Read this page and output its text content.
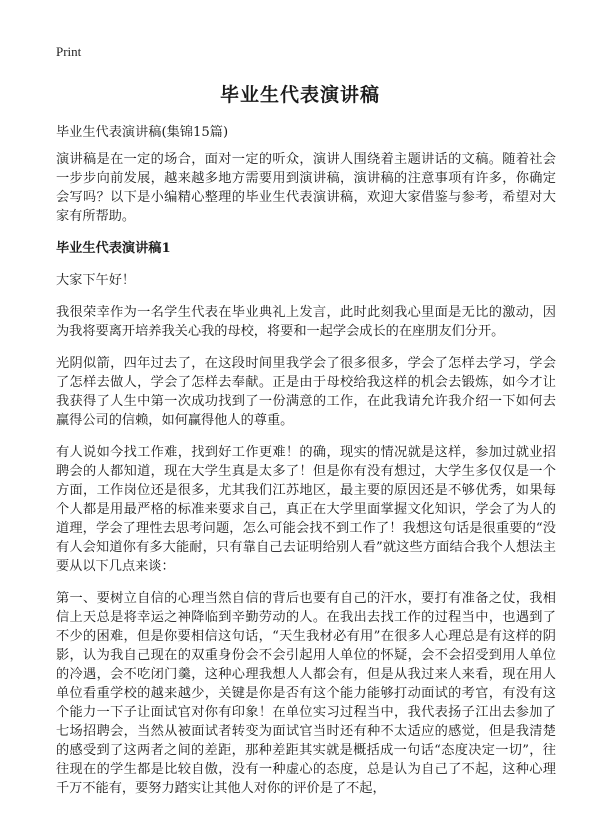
Print
毕业生代表演讲稿

毕业生代表演讲稿(集锦15篇)

演讲稿是在一定的场合，面对一定的听众，演讲人围绕着主题讲话的文稿。随着社会一步步向前发展，越来越多地方需要用到演讲稿，演讲稿的注意事项有许多，你确定会写吗？以下是小编精心整理的毕业生代表演讲稿，欢迎大家借鉴与参考，希望对大家有所帮助。

毕业生代表演讲稿1

大家下午好！

我很荣幸作为一名学生代表在毕业典礼上发言，此时此刻我心里面是无比的激动，因为我将要离开培养我关心我的母校，将要和一起学会成长的在座朋友们分开。

光阴似箭，四年过去了，在这段时间里我学会了很多很多，学会了怎样去学习，学会了怎样去做人，学会了怎样去奉献。正是由于母校给我这样的机会去锻炼，如今才让我获得了人生中第一次成功找到了一份满意的工作，在此我请允许我介绍一下如何去赢得公司的信赖，如何赢得他人的尊重。

有人说如今找工作难，找到好工作更难！的确，现实的情况就是这样，参加过就业招聘会的人都知道，现在大学生真是太多了！但是你有没有想过，大学生多仅仅是一个方面，工作岗位还是很多，尤其我们江苏地区，最主要的原因还是不够优秀，如果每个人都是用最严格的标准来要求自己，真正在大学里面掌握文化知识，学会了为人的道理，学会了理性去思考问题，怎么可能会找不到工作了！我想这句话是很重要的“没有人会知道你有多大能耐，只有靠自己去证明给别人看”就这些方面结合我个人想法主要从以下几点来谈：

第一、要树立自信的心理当然自信的背后也要有自己的汗水，要打有准备之仗，我相信上天总是将幸运之神降临到辛勤劳动的人。在我出去找工作的过程当中，也遇到了不少的困难，但是你要相信这句话，“天生我材必有用”在很多人心理总是有这样的阴影，认为我自己现在的双重身份会不会引起用人单位的怀疑，会不会招受到用人单位的冷遇，会不吃闭门羹，这种心理我想人人都会有，但是从我过来人来看，现在用人单位看重学校的越来越少，关键是你是否有这个能力能够打动面试的考官，有没有这个能力一下子让面试官对你有印象！在单位实习过程当中，我代表扬子江出去参加了七场招聘会，当然从被面试者转变为面试官当时还有种不太适应的感觉，但是我清楚的感受到了这两者之间的差距，那种差距其实就是概括成一句话“态度决定一切”，往往现在的学生都是比较自傲，没有一种虚心的态度，总是认为自己了不起，这种心理千万不能有，要努力踏实让其他人对你的评价是了不起，
